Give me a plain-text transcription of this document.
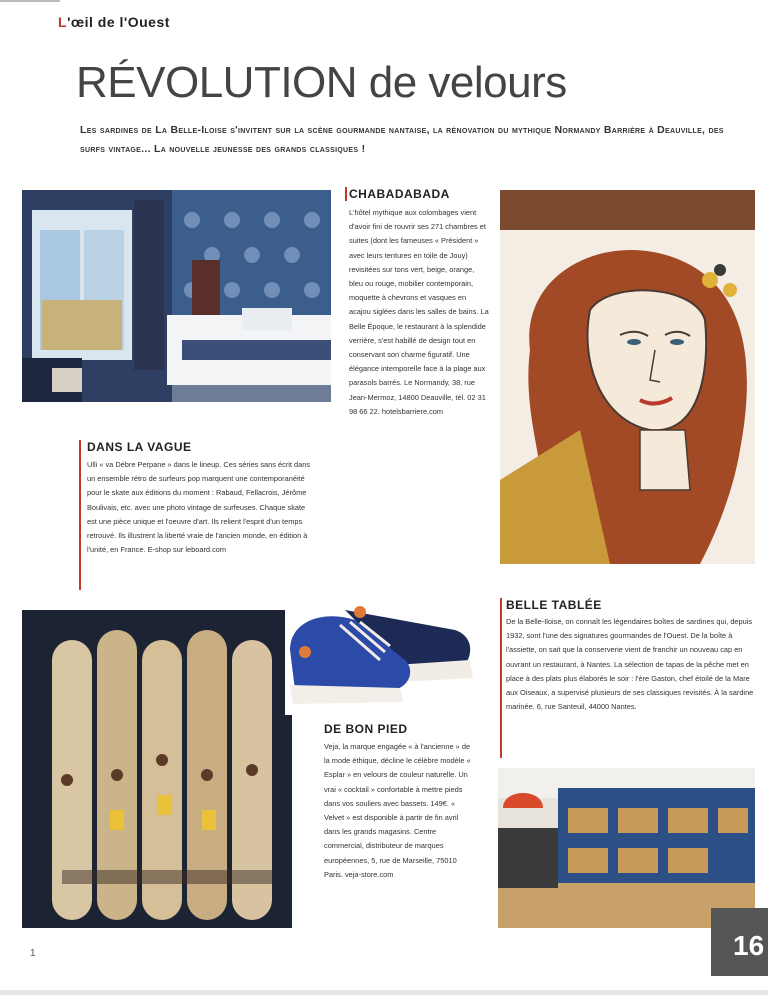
L'œil de l'Ouest
RÉVOLUTION de velours
Les sardines de La Belle-Iloise s'invitent sur la scène gourmande nantaise, la rénovation du mythique Normandy Barrière à Deauville, des surfs vintage... La nouvelle jeunesse des grands classiques !
CHABADABADA
L'hôtel mythique aux colombages vient d'avoir fini de rouvrir ses 271 chambres et suites (dont les fameuses « Président » avec leurs tentures en toile de Jouy) revisitées sur tons vert, beige, orange, bleu ou rouge, mobilier contemporain, moquette à chevrons et vasques en acajou siglées dans les salles de bains. La Belle Époque, le restaurant à la splendide verrière, s'est habillé de design tout en conservant son charme figuratif. Une élégance intemporelle face à la plage aux parasols barrés. Le Normandy, 38, rue Jean-Mermoz, 14800 Deauville, tél. 02 31 98 66 22. hotelsbarriere.com
DANS LA VAGUE
Ulli « va Débre Perpane » dans le lineup. Ces séries sans écrit dans un ensemble rétro de surfeurs pop marquent une contemporanéité pour le skate aux éditions du moment : Rabaud, Fellacrois, Jérôme Boulivais, etc. avec une photo vintage de surfeuses. Chaque skate est une pièce unique et l'oeuvre d'art. Ils relient l'esprit d'un temps retrouvé. Ils illustrent la liberté vraie de l'ancien monde, en édition à l'unité, en France. E-shop sur leboard.com
DE BON PIED
Veja, la marque engagée « à l'ancienne » de la mode éthique, décline le célèbre modèle « Esplar » en velours de couleur naturelle. Un vrai « cocktail » confortable à mettre pieds dans vos souliers avec bassets. 149€. « Velvet » est disponible à partir de fin avril dans les grands magasins. Centre commercial, distributeur de marques européennes, 5, rue de Marseille, 75010 Paris. veja-store.com
BELLE TABLÉE
De la Belle-Iloise, on connaît les légendaires boîtes de sardines qui, depuis 1932, sont l'une des signatures gourmandes de l'Ouest. De la boîte à l'assiette, on sait que la conserverie vient de franchir un nouveau cap en ouvrant un restaurant, à Nantes. La sélection de tapas de la pêche met en place à des plats plus élaborés le soir : l'ère Gaston, chef étoilé de la Mare aux Oiseaux, a supervisé plusieurs de ses classiques revisités. À la sardine marinée. 6, rue Santeuil, 44000 Nantes.
1	16
